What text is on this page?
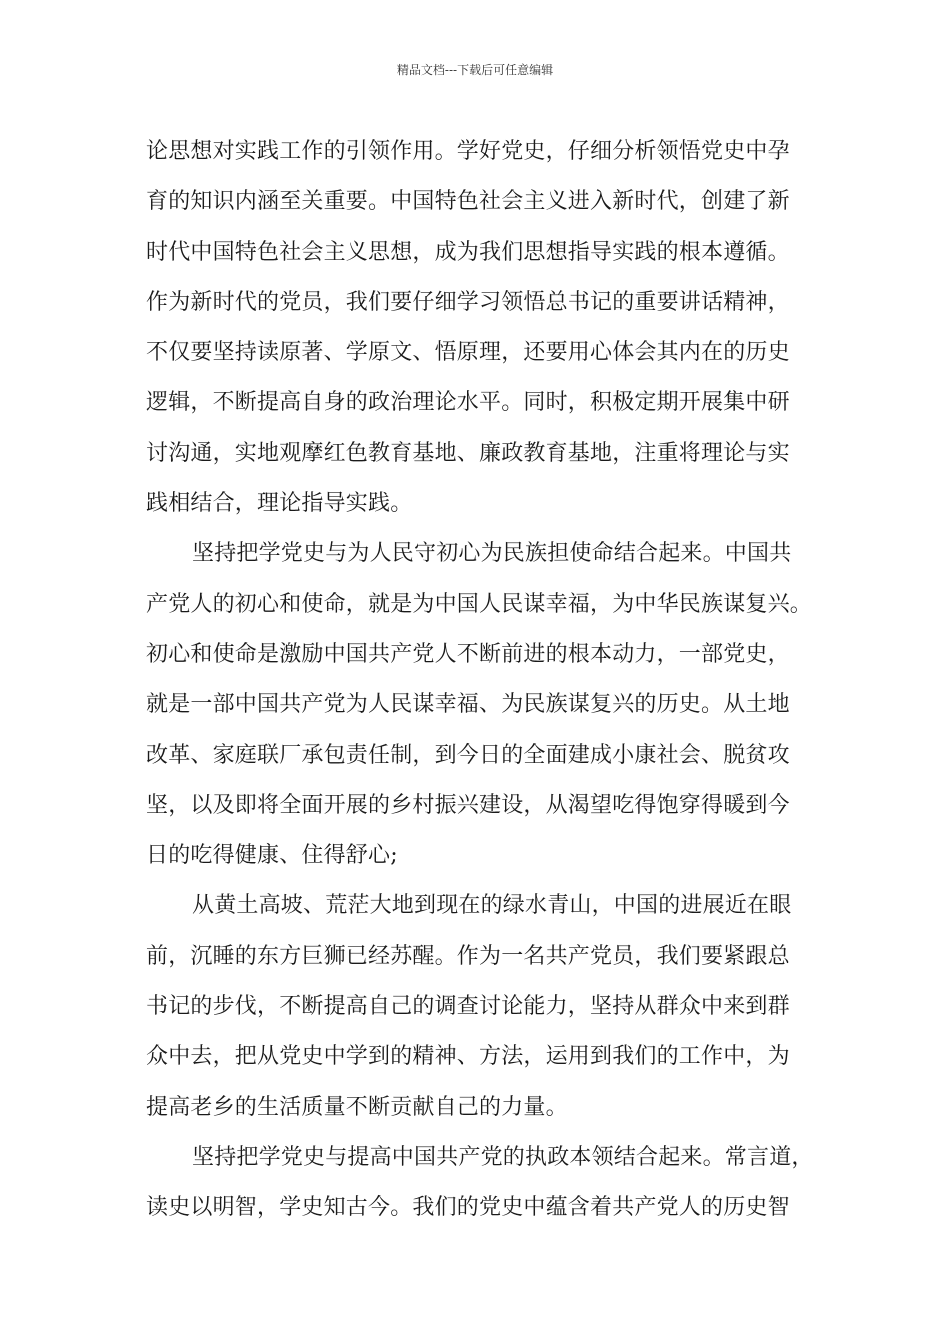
精品文档---下载后可任意编辑
论思想对实践工作的引领作用。学好党史，仔细分析领悟党史中孕
育的知识内涵至关重要。中国特色社会主义进入新时代，创建了新
时代中国特色社会主义思想，成为我们思想指导实践的根本遵循。
作为新时代的党员，我们要仔细学习领悟总书记的重要讲话精神，
不仅要坚持读原著、学原文、悟原理，还要用心体会其内在的历史
逻辑，不断提高自身的政治理论水平。同时，积极定期开展集中研
讨沟通，实地观摩红色教育基地、廉政教育基地，注重将理论与实
践相结合，理论指导实践。
坚持把学党史与为人民守初心为民族担使命结合起来。中国共
产党人的初心和使命，就是为中国人民谋幸福，为中华民族谋复兴。
初心和使命是激励中国共产党人不断前进的根本动力，一部党史，
就是一部中国共产党为人民谋幸福、为民族谋复兴的历史。从土地
改革、家庭联厂承包责任制，到今日的全面建成小康社会、脱贫攻
坚，以及即将全面开展的乡村振兴建设，从渴望吃得饱穿得暖到今
日的吃得健康、住得舒心;
从黄土高坡、荒茫大地到现在的绿水青山，中国的进展近在眼
前，沉睡的东方巨狮已经苏醒。作为一名共产党员，我们要紧跟总
书记的步伐，不断提高自己的调查讨论能力，坚持从群众中来到群
众中去，把从党史中学到的精神、方法，运用到我们的工作中，为
提高老乡的生活质量不断贡献自己的力量。
坚持把学党史与提高中国共产党的执政本领结合起来。常言道，
读史以明智，学史知古今。我们的党史中蕴含着共产党人的历史智
